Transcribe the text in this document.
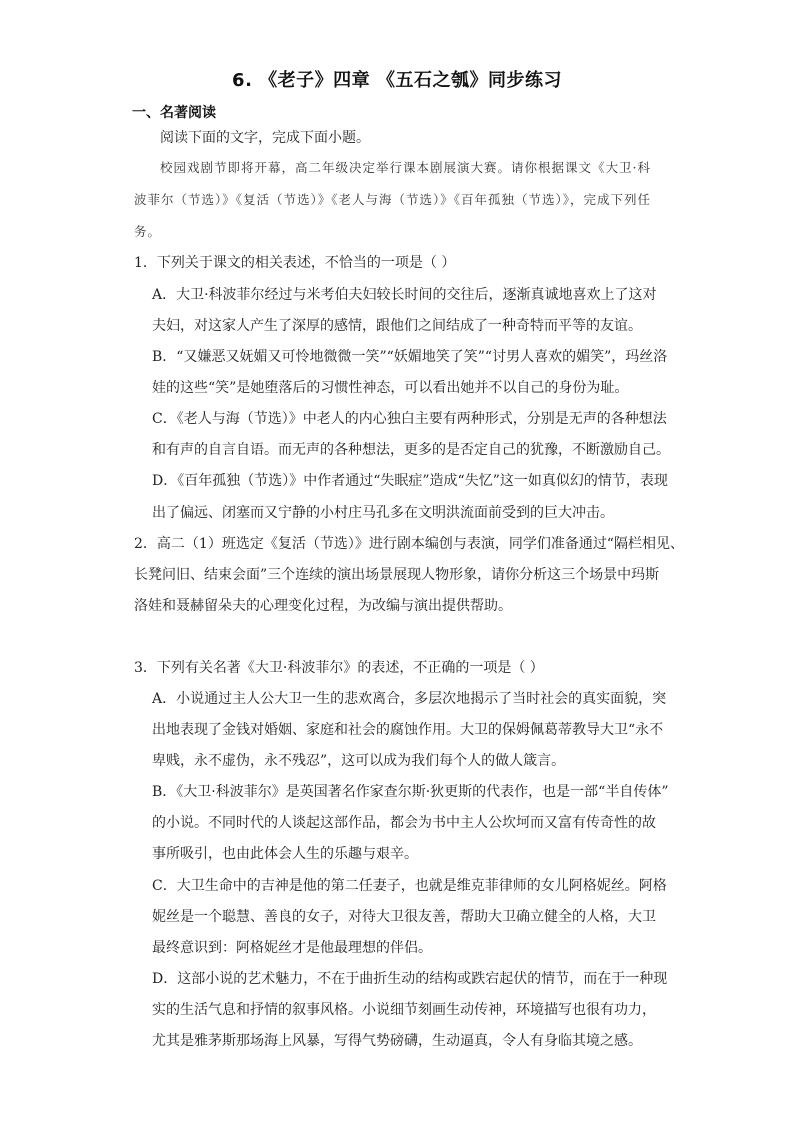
6. 《老子》四章 《五石之瓠》同步练习
一、名著阅读
阅读下面的文字，完成下面小题。
校园戏剧节即将开幕，高二年级决定举行课本剧展演大赛。请你根据课文《大卫·科
波菲尔（节选）》《复活（节选）》《老人与海（节选）》《百年孤独（节选）》，完成下列任
务。
1．下列关于课文的相关表述，不恰当的一项是（ ）
A．大卫·科波菲尔经过与米考伯夫妇较长时间的交往后，逐渐真诚地喜欢上了这对
夫妇，对这家人产生了深厚的感情，跟他们之间结成了一种奇特而平等的友谊。
B．“又嫌恶又妩媚又可怜地微微一笑”“妖媚地笑了笑”“讨男人喜欢的媚笑”，玛丝洛
娃的这些“笑”是她堕落后的习惯性神态，可以看出她并不以自己的身份为耻。
C．《老人与海（节选）》中老人的内心独白主要有两种形式，分别是无声的各种想法
和有声的自言自语。而无声的各种想法，更多的是否定自己的犹豫，不断激励自己。
D．《百年孤独（节选）》中作者通过“失眠症”造成“失忆”这一如真似幻的情节，表现
出了偏远、闭塞而又宁静的小村庄马孔多在文明洪流面前受到的巨大冲击。
2．高二（1）班选定《复活（节选）》进行剧本编创与表演，同学们准备通过“隔栏相见、
长凳问旧、结束会面”三个连续的演出场景展现人物形象，请你分析这三个场景中玛斯
洛娃和聂赫留朵夫的心理变化过程，为改编与演出提供帮助。
3．下列有关名著《大卫·科波菲尔》的表述，不正确的一项是（ ）
A．小说通过主人公大卫一生的悲欢离合，多层次地揭示了当时社会的真实面貌，突
出地表现了金钱对婚姻、家庭和社会的腐蚀作用。大卫的保姆佩葛蒂教导大卫“永不
卑贱，永不虚伪，永不残忍”，这可以成为我们每个人的做人箴言。
B．《大卫·科波菲尔》是英国著名作家查尔斯·狄更斯的代表作，也是一部“半自传体”
的小说。不同时代的人谈起这部作品，都会为书中主人公坎坷而又富有传奇性的故
事所吸引，也由此体会人生的乐趣与艰辛。
C．大卫生命中的吉神是他的第二任妻子，也就是维克菲律师的女儿阿格妮丝。阿格
妮丝是一个聪慧、善良的女子，对待大卫很友善，帮助大卫确立健全的人格，大卫
最终意识到：阿格妮丝才是他最理想的伴侣。
D．这部小说的艺术魅力，不在于曲折生动的结构或跌宕起伏的情节，而在于一种现
实的生活气息和抒情的叙事风格。小说细节刻画生动传神，环境描写也很有功力，
尤其是雅茅斯那场海上风暴，写得气势磅礴，生动逼真，令人有身临其境之感。
